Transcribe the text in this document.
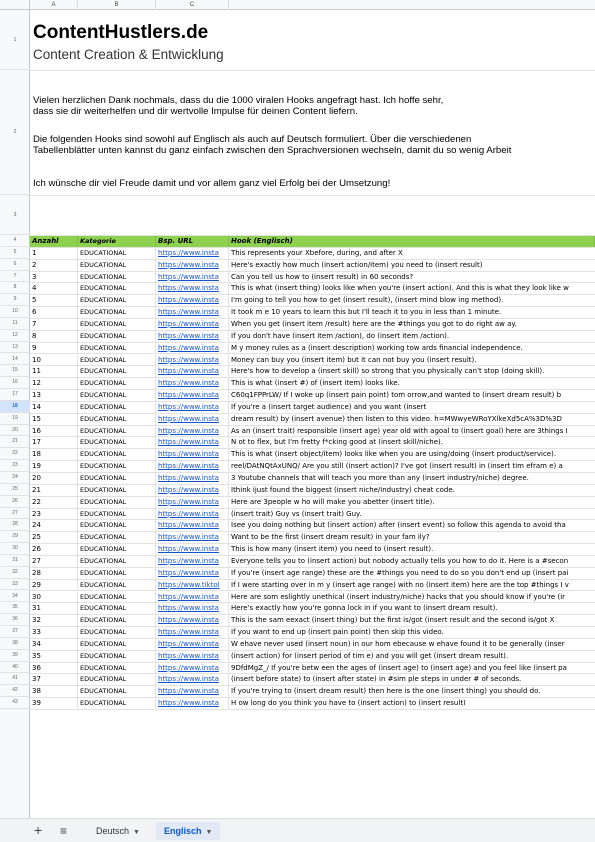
A	B	C
1
2
3
4
5
6
7
8
9
10
11
12
13
14
15
16
17
18
19
20
21
22
23
24
25
26
27
28
29
30
31
32
33
34
35
36
37
38
39
40
41
42
43
ContentHustlers.de
Content Creation & Entwicklung
Vielen herzlichen Dank nochmals, dass du die 1000 viralen Hooks angefragt hast. Ich hoffe sehr,
dass sie dir weiterhelfen und dir wertvolle Impulse für deinen Content liefern.
Die folgenden Hooks sind sowohl auf Englisch als auch auf Deutsch formuliert. Über die verschiedenen
Tabellenblätter unten kannst du ganz einfach zwischen den Sprachversionen wechseln, damit du so wenig Arbeit
Ich wünsche dir viel Freude damit und vor allem ganz viel Erfolg bei der Umsetzung!
Anzahl	Kategorie	Bsp. URL	Hook (Englisch)
1	EDUCATIONAL	https://www.insta	This represents your Xbefore, during, and after X
2	EDUCATIONAL	https://www.insta	Here's exactly how much (insert action/item) you need to (insert result)
3	EDUCATIONAL	https://www.insta	Can you tell us how to (insert result) in 60 seconds?
4	EDUCATIONAL	https://www.insta	This is what (insert thing) looks like when you're (insert action). And this is what they look like w
5	EDUCATIONAL	https://www.insta	I'm going to tell you how to get (insert result), (insert mind blow ing method).
6	EDUCATIONAL	https://www.insta	It took m e 10 years to learn this but I'll teach it to you in less than 1 minute.
7	EDUCATIONAL	https://www.insta	When you get (insert item /result) here are the #things you got to do right aw ay.
8	EDUCATIONAL	https://www.insta	If you don't have (insert item /action), do (insert item /action).
9	EDUCATIONAL	https://www.insta	M y money rules as a (insert description) working tow ards financial independence.
10	EDUCATIONAL	https://www.insta	Money can buy you (insert item) but it can not buy you (insert result).
11	EDUCATIONAL	https://www.insta	Here's how to develop a (insert skill) so strong that you physically can't stop (doing skill).
12	EDUCATIONAL	https://www.insta	This is what (insert #) of (insert item) looks like.
13	EDUCATIONAL	https://www.insta	C60q1FPPrLW/ If I woke up (insert pain point) tom orrow,and wanted to (insert dream result) b
14	EDUCATIONAL	https://www.insta	If you're a (insert target audience) and you want (insert
15	EDUCATIONAL	https://www.insta	dream result) by (insert avenue) then listen to this video. h=MWwyeWRoYXlkeXd5cA%3D%3D
16	EDUCATIONAL	https://www.insta	As an (insert trait) responsible (insert age) year old with agoal to (insert goal) here are 3things I
17	EDUCATIONAL	https://www.insta	N ot to flex, but I'm fretty f*cking good at (insert skill/niche).
18	EDUCATIONAL	https://www.insta	This is what (insert object/item) looks like when you are using/doing (insert product/service).
19	EDUCATIONAL	https://www.insta	reel/DAtNQtAxUNQ/ Are you still (insert action)? I've got (insert result) in (insert tim efram e) a
20	EDUCATIONAL	https://www.insta	3 Youtube channels that will teach you more than any (insert industry/niche) degree.
21	EDUCATIONAL	https://www.insta	Ithink ijust found the biggest (insert niche/industry) cheat code.
22	EDUCATIONAL	https://www.insta	Here are 3people w ho will make you abetter (insert title).
23	EDUCATIONAL	https://www.insta	(insert trait) Guy vs (insert trait) Guy.
24	EDUCATIONAL	https://www.insta	Isee you doing nothing but (insert action) after (insert event) so follow this agenda to avoid tha
25	EDUCATIONAL	https://www.insta	Want to be the first (insert dream result) in your fam ily?
26	EDUCATIONAL	https://www.insta	This is how many (insert item) you need to (insert result).
27	EDUCATIONAL	https://www.insta	Everyone tells you to (insert action) but nobody actually tells you how to do it. Here is a #secon
28	EDUCATIONAL	https://www.insta	If you're (insert age range) these are the #things you need to do so you don't end up (insert pai
29	EDUCATIONAL	https://www.tiktol	If I were starting over in m y (insert age range) with no (insert item) here are the top #things I v
30	EDUCATIONAL	https://www.insta	Here are som eslightly unethical (insert industry/niche) hacks that you should know if you're (ir
31	EDUCATIONAL	https://www.insta	Here's exactly how you're gonna lock in if you want to (insert dream result).
32	EDUCATIONAL	https://www.insta	This is the sam eexact (insert thing) but the first is/got (insert result and the second is/got X
33	EDUCATIONAL	https://www.insta	If you want to end up (insert pain point) then skip this video.
34	EDUCATIONAL	https://www.insta	W ehave never used (insert noun) in our hom ebecause w ehave found it to be generally (inser
35	EDUCATIONAL	https://www.insta	(insert action) for (insert period of tim e) and you will get (insert dream result).
36	EDUCATIONAL	https://www.insta	9DfdMgZ_/ If you're betw een the ages of (insert age) to (insert age) and you feel like (insert pa
37	EDUCATIONAL	https://www.insta	(insert before state) to (insert after state) in #sim ple steps in under # of seconds.
38	EDUCATIONAL	https://www.insta	If you're trying to (insert dream result) then here is the one (insert thing) you should do.
39	EDUCATIONAL	https://www.insta	H ow long do you think you have to (insert action) to (insert result)
+ ≡	Deutsch ▼	Englisch ▼
